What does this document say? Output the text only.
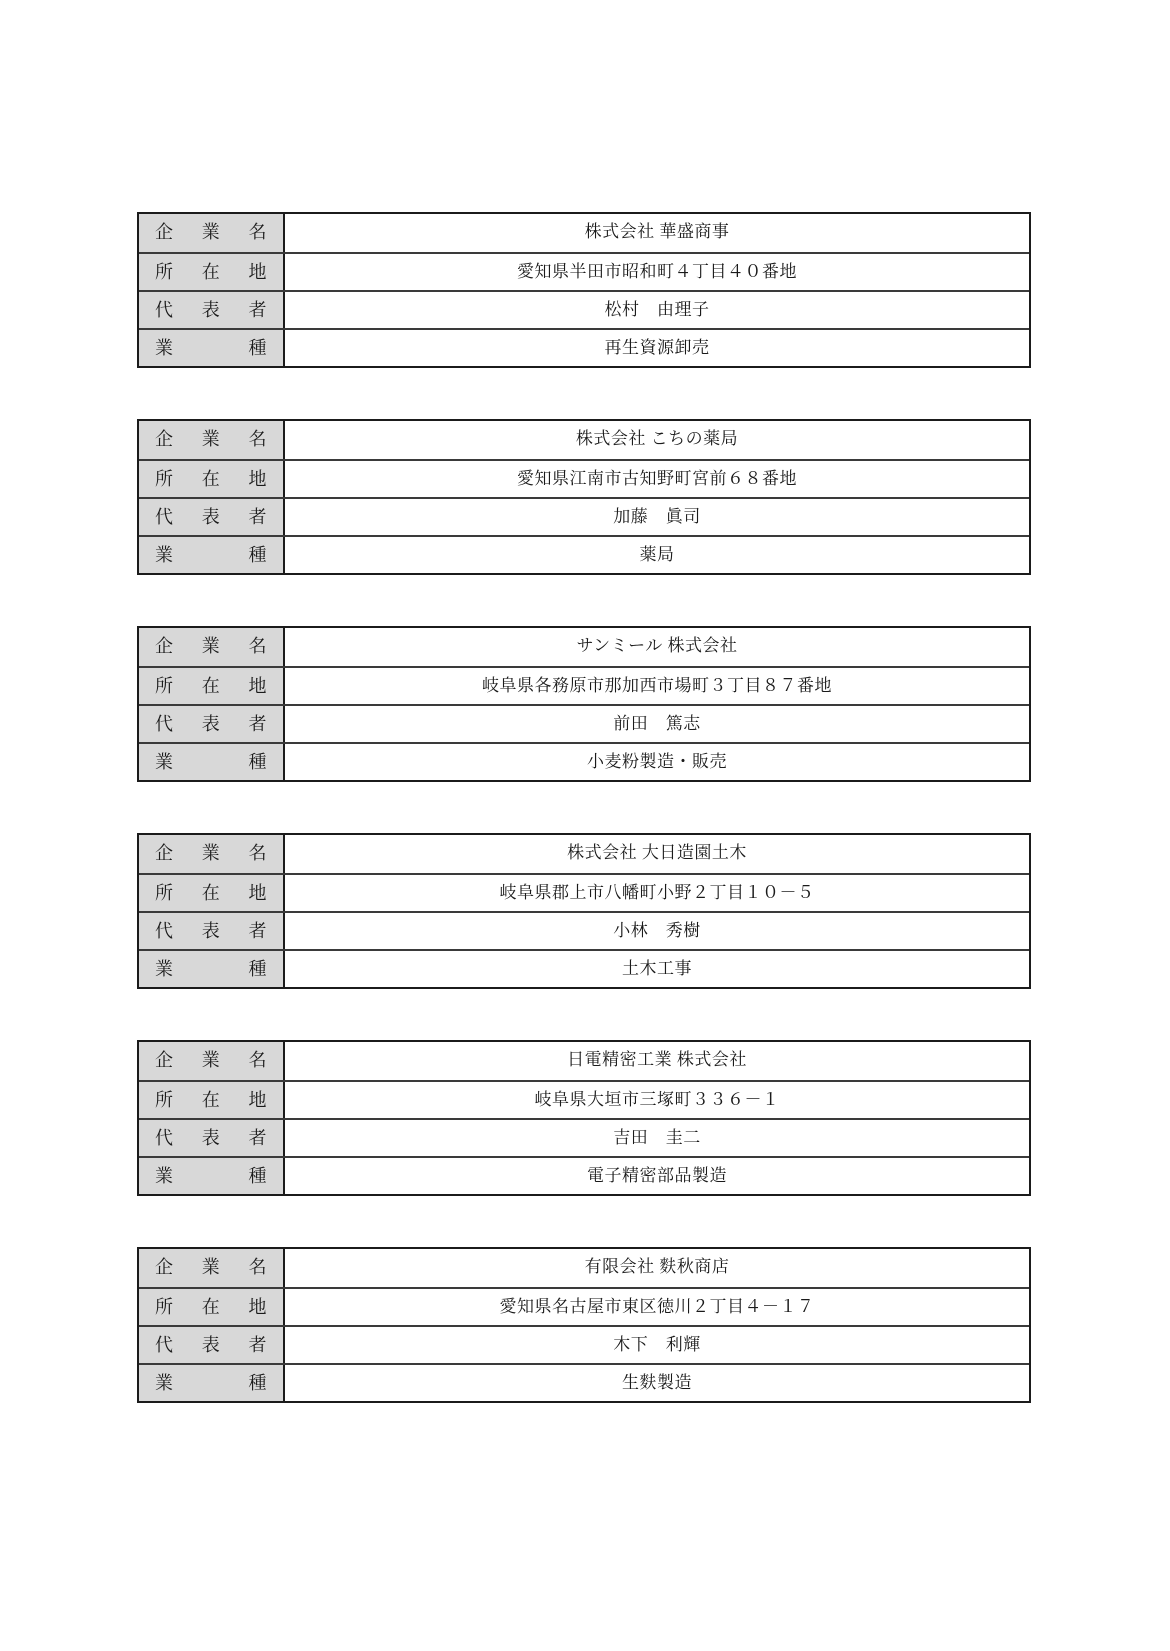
企　業　名	株式会社 華盛商事
所　在　地	愛知県半田市昭和町４丁目４０番地
代　表　者	松村　由理子
業　種	再生資源卸売
企　業　名	株式会社 こちの薬局
所　在　地	愛知県江南市古知野町宮前６８番地
代　表　者	加藤　眞司
業　種	薬局
企　業　名	サンミール 株式会社
所　在　地	岐阜県各務原市那加西市場町３丁目８７番地
代　表　者	前田　篤志
業　種	小麦粉製造・販売
企　業　名	株式会社 大日造園土木
所　在　地	岐阜県郡上市八幡町小野２丁目１０－５
代　表　者	小林　秀樹
業　種	土木工事
企　業　名	日電精密工業 株式会社
所　在　地	岐阜県大垣市三塚町３３６－１
代　表　者	吉田　圭二
業　種	電子精密部品製造
企　業　名	有限会社 麩秋商店
所　在　地	愛知県名古屋市東区徳川２丁目４－１７
代　表　者	木下　利輝
業　種	生麩製造
